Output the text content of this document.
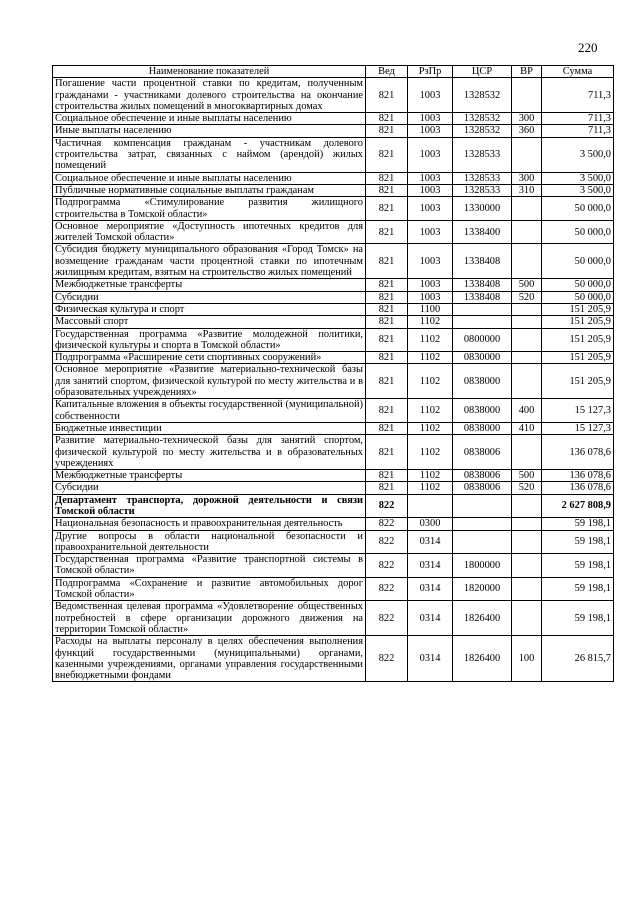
220
Наименование показателей	Вед	РзПр	ЦСР	ВР	Сумма
Погашение части процентной ставки по кредитам, полученным гражданами - участниками долевого строительства на окончание строительства жилых помещений в многоквартирных домах	821	1003	1328532		711,3
Социальное обеспечение и иные выплаты населению	821	1003	1328532	300	711,3
Иные выплаты населению	821	1003	1328532	360	711,3
Частичная компенсация гражданам - участникам долевого строительства затрат, связанных с наймом (арендой) жилых помещений	821	1003	1328533		3 500,0
Социальное обеспечение и иные выплаты населению	821	1003	1328533	300	3 500,0
Публичные нормативные социальные выплаты гражданам	821	1003	1328533	310	3 500,0
Подпрограмма «Стимулирование развития жилищного строительства в Томской области»	821	1003	1330000		50 000,0
Основное мероприятие «Доступность ипотечных кредитов для жителей Томской области»	821	1003	1338400		50 000,0
Субсидия бюджету муниципального образования «Город Томск» на возмещение гражданам части процентной ставки по ипотечным жилищным кредитам, взятым на строительство жилых помещений	821	1003	1338408		50 000,0
Межбюджетные трансферты	821	1003	1338408	500	50 000,0
Субсидии	821	1003	1338408	520	50 000,0
Физическая культура и спорт	821	1100			151 205,9
Массовый спорт	821	1102			151 205,9
Государственная программа «Развитие молодежной политики, физической культуры и спорта в Томской области»	821	1102	0800000		151 205,9
Подпрограмма «Расширение сети спортивных сооружений»	821	1102	0830000		151 205,9
Основное мероприятие «Развитие материально-технической базы для занятий спортом, физической культурой по месту жительства и в образовательных учреждениях»	821	1102	0838000		151 205,9
Капитальные вложения в объекты государственной (муниципальной) собственности	821	1102	0838000	400	15 127,3
Бюджетные инвестиции	821	1102	0838000	410	15 127,3
Развитие материально-технической базы для занятий спортом, физической культурой по месту жительства и в образовательных учреждениях	821	1102	0838006		136 078,6
Межбюджетные трансферты	821	1102	0838006	500	136 078,6
Субсидии	821	1102	0838006	520	136 078,6
Департамент транспорта, дорожной деятельности и связи Томской области	822				2 627 808,9
Национальная безопасность и правоохранительная деятельность	822	0300			59 198,1
Другие вопросы в области национальной безопасности и правоохранительной деятельности	822	0314			59 198,1
Государственная программа «Развитие транспортной системы в Томской области»	822	0314	1800000		59 198,1
Подпрограмма «Сохранение и развитие автомобильных дорог Томской области»	822	0314	1820000		59 198,1
Ведомственная целевая программа «Удовлетворение общественных потребностей в сфере организации дорожного движения на территории Томской области»	822	0314	1826400		59 198,1
Расходы на выплаты персоналу в целях обеспечения выполнения функций государственными (муниципальными) органами, казенными учреждениями, органами управления государственными внебюджетными фондами	822	0314	1826400	100	26 815,7
